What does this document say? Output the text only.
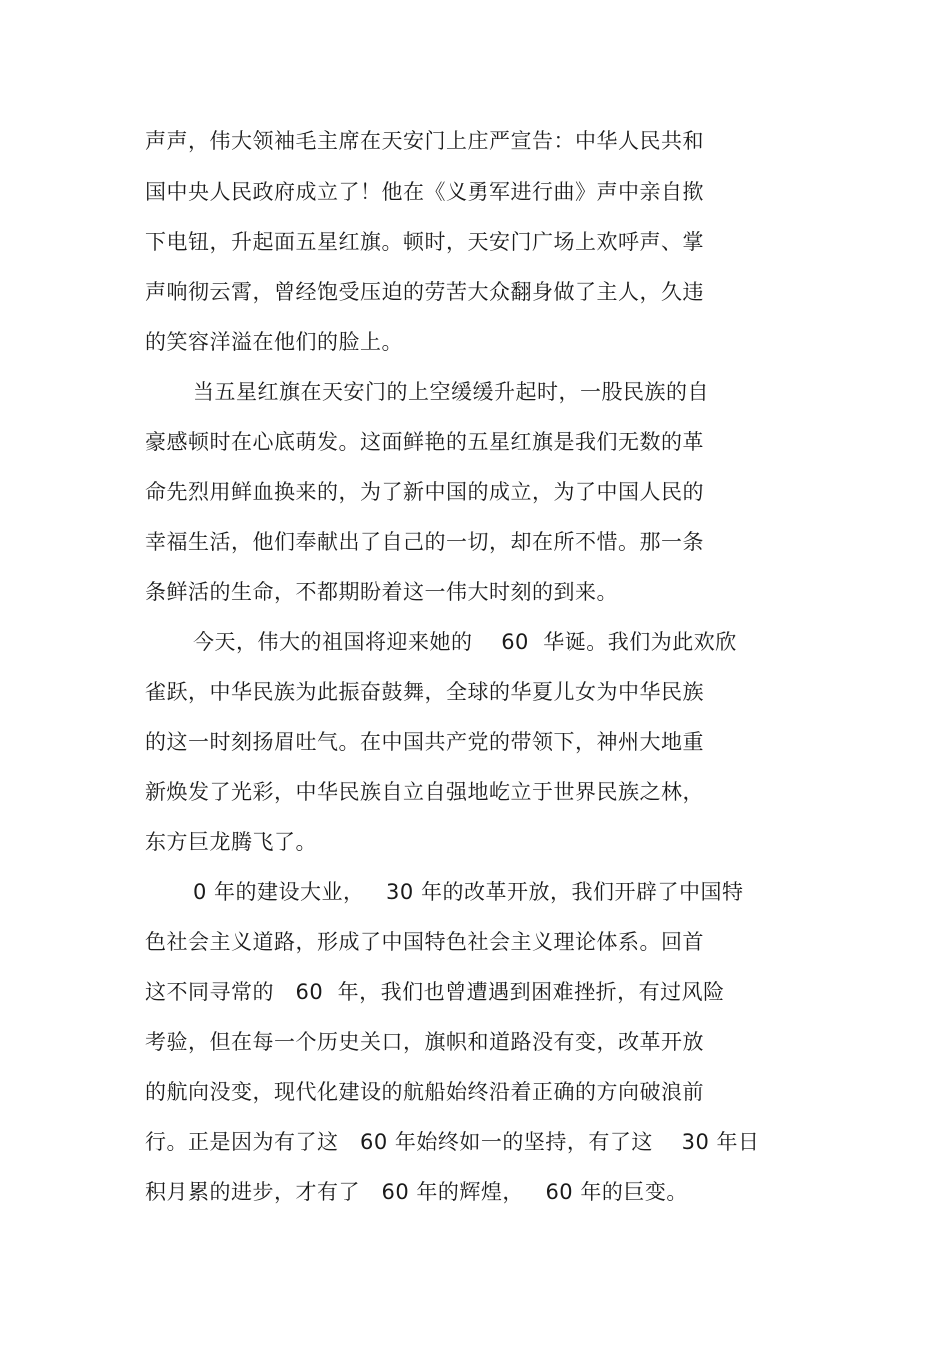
声声，伟大领袖毛主席在天安门上庄严宣告：中华人民共和
国中央人民政府成立了！他在《义勇军进行曲》声中亲自揿
下电钮，升起面五星红旗。顿时，天安门广场上欢呼声、掌
声响彻云霄，曾经饱受压迫的劳苦大众翻身做了主人，久违
的笑容洋溢在他们的脸上。
当五星红旗在天安门的上空缓缓升起时，一股民族的自
豪感顿时在心底萌发。这面鲜艳的五星红旗是我们无数的革
命先烈用鲜血换来的，为了新中国的成立，为了中国人民的
幸福生活，他们奉献出了自己的一切，却在所不惜。那一条
条鲜活的生命，不都期盼着这一伟大时刻的到来。
今天，伟大的祖国将迎来她的    60  华诞。我们为此欢欣
雀跃，中华民族为此振奋鼓舞，全球的华夏儿女为中华民族
的这一时刻扬眉吐气。在中国共产党的带领下，神州大地重
新焕发了光彩，中华民族自立自强地屹立于世界民族之林，
东方巨龙腾飞了。
0 年的建设大业，   30 年的改革开放，我们开辟了中国特
色社会主义道路，形成了中国特色社会主义理论体系。回首
这不同寻常的   60  年，我们也曾遭遇到困难挫折，有过风险
考验，但在每一个历史关口，旗帜和道路没有变，改革开放
的航向没变，现代化建设的航船始终沿着正确的方向破浪前
行。正是因为有了这   60 年始终如一的坚持，有了这    30 年日
积月累的进步，才有了   60 年的辉煌，   60 年的巨变。
